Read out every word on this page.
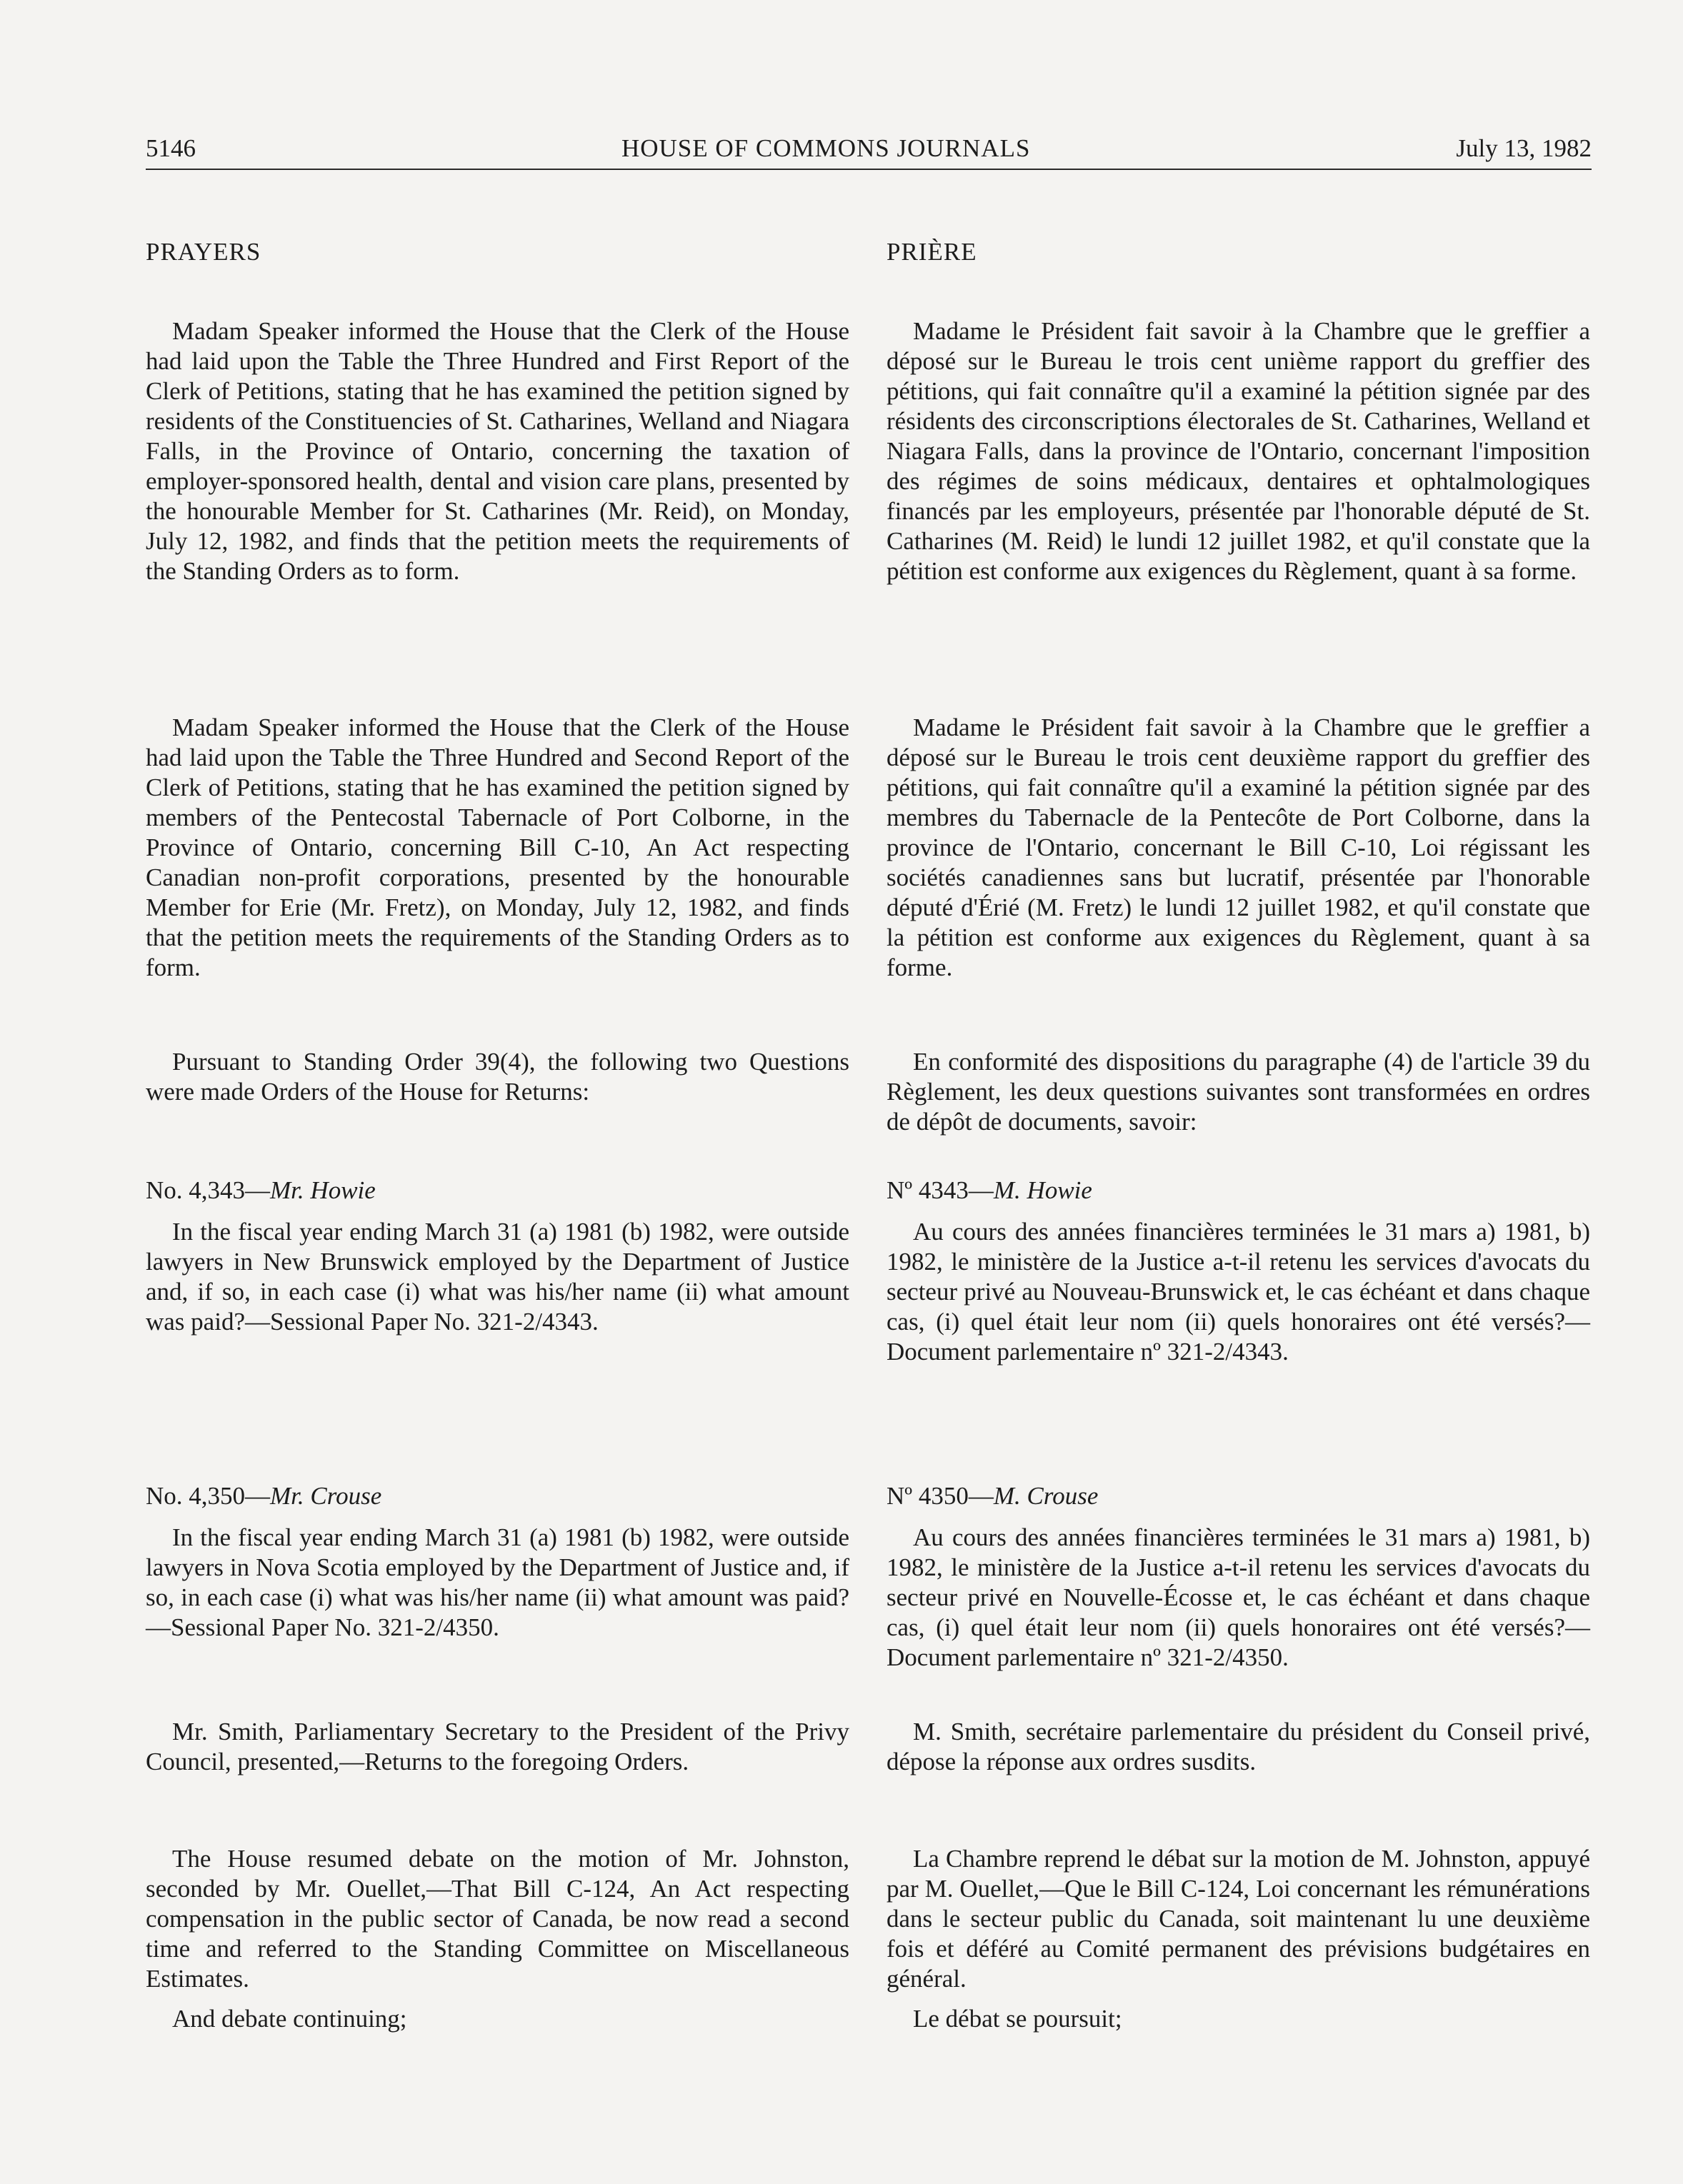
5146	HOUSE OF COMMONS JOURNALS	July 13, 1982

PRAYERS

Madam Speaker informed the House that the Clerk of the House had laid upon the Table the Three Hundred and First Report of the Clerk of Petitions, stating that he has examined the petition signed by residents of the Constituencies of St. Catharines, Welland and Niagara Falls, in the Province of Ontario, concerning the taxation of employer-sponsored health, dental and vision care plans, presented by the honourable Member for St. Catharines (Mr. Reid), on Monday, July 12, 1982, and finds that the petition meets the requirements of the Standing Orders as to form.

Madam Speaker informed the House that the Clerk of the House had laid upon the Table the Three Hundred and Second Report of the Clerk of Petitions, stating that he has examined the petition signed by members of the Pentecostal Tabernacle of Port Colborne, in the Province of Ontario, concerning Bill C-10, An Act respecting Canadian non-profit corporations, presented by the honourable Member for Erie (Mr. Fretz), on Monday, July 12, 1982, and finds that the petition meets the requirements of the Standing Orders as to form.

Pursuant to Standing Order 39(4), the following two Questions were made Orders of the House for Returns:

No. 4,343—Mr. Howie

In the fiscal year ending March 31 (a) 1981 (b) 1982, were outside lawyers in New Brunswick employed by the Department of Justice and, if so, in each case (i) what was his/her name (ii) what amount was paid?—Sessional Paper No. 321-2/4343.

No. 4,350—Mr. Crouse

In the fiscal year ending March 31 (a) 1981 (b) 1982, were outside lawyers in Nova Scotia employed by the Department of Justice and, if so, in each case (i) what was his/her name (ii) what amount was paid?—Sessional Paper No. 321-2/4350.

Mr. Smith, Parliamentary Secretary to the President of the Privy Council, presented,—Returns to the foregoing Orders.

The House resumed debate on the motion of Mr. Johnston, seconded by Mr. Ouellet,—That Bill C-124, An Act respecting compensation in the public sector of Canada, be now read a second time and referred to the Standing Committee on Miscellaneous Estimates.

And debate continuing;

PRIÈRE

Madame le Président fait savoir à la Chambre que le greffier a déposé sur le Bureau le trois cent unième rapport du greffier des pétitions, qui fait connaître qu'il a examiné la pétition signée par des résidents des circonscriptions électorales de St. Catharines, Welland et Niagara Falls, dans la province de l'Ontario, concernant l'imposition des régimes de soins médicaux, dentaires et ophtalmologiques financés par les employeurs, présentée par l'honorable député de St. Catharines (M. Reid) le lundi 12 juillet 1982, et qu'il constate que la pétition est conforme aux exigences du Règlement, quant à sa forme.

Madame le Président fait savoir à la Chambre que le greffier a déposé sur le Bureau le trois cent deuxième rapport du greffier des pétitions, qui fait connaître qu'il a examiné la pétition signée par des membres du Tabernacle de la Pentecôte de Port Colborne, dans la province de l'Ontario, concernant le Bill C-10, Loi régissant les sociétés canadiennes sans but lucratif, présentée par l'honorable député d'Érié (M. Fretz) le lundi 12 juillet 1982, et qu'il constate que la pétition est conforme aux exigences du Règlement, quant à sa forme.

En conformité des dispositions du paragraphe (4) de l'article 39 du Règlement, les deux questions suivantes sont transformées en ordres de dépôt de documents, savoir:

Nº 4343—M. Howie

Au cours des années financières terminées le 31 mars a) 1981, b) 1982, le ministère de la Justice a-t-il retenu les services d'avocats du secteur privé au Nouveau-Brunswick et, le cas échéant et dans chaque cas, (i) quel était leur nom (ii) quels honoraires ont été versés?—Document parlementaire nº 321-2/4343.

Nº 4350—M. Crouse

Au cours des années financières terminées le 31 mars a) 1981, b) 1982, le ministère de la Justice a-t-il retenu les services d'avocats du secteur privé en Nouvelle-Écosse et, le cas échéant et dans chaque cas, (i) quel était leur nom (ii) quels honoraires ont été versés?—Document parlementaire nº 321-2/4350.

M. Smith, secrétaire parlementaire du président du Conseil privé, dépose la réponse aux ordres susdits.

La Chambre reprend le débat sur la motion de M. Johnston, appuyé par M. Ouellet,—Que le Bill C-124, Loi concernant les rémunérations dans le secteur public du Canada, soit maintenant lu une deuxième fois et déféré au Comité permanent des prévisions budgétaires en général.

Le débat se poursuit;
